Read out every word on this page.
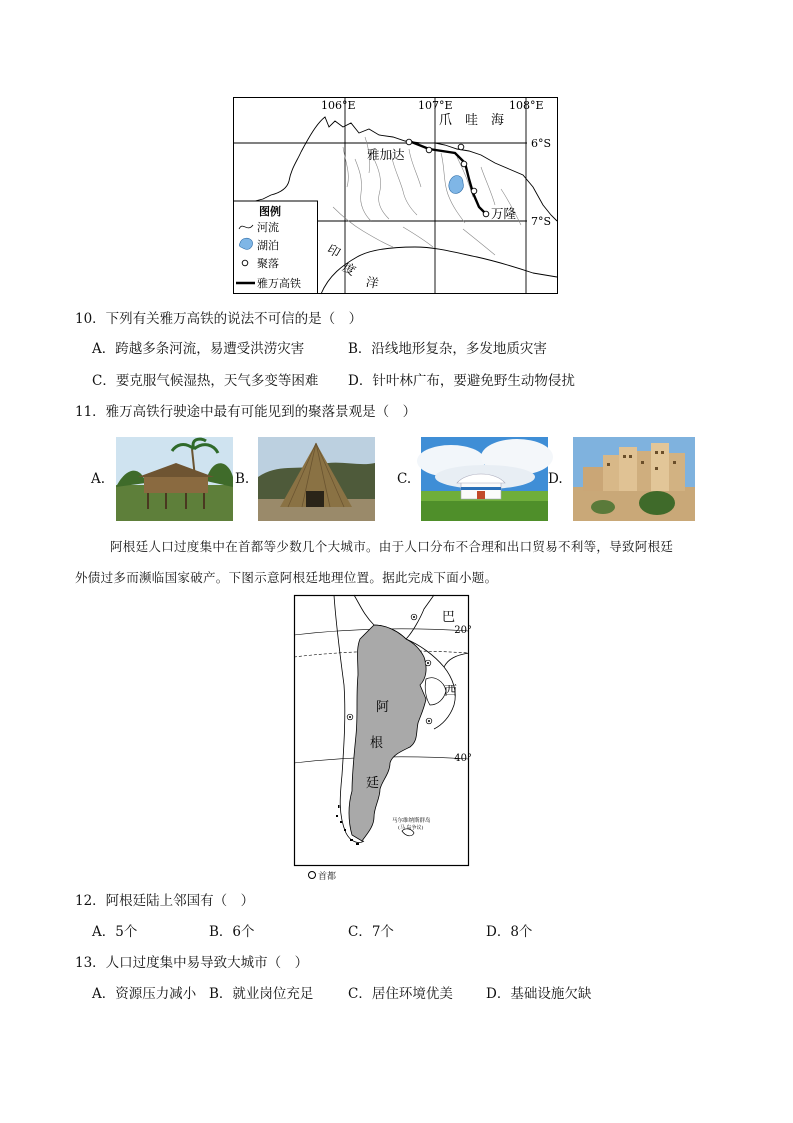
106°E	107°E	108°E
6°S
7°S
爪　哇　海
雅加达
万隆
印
度
洋
图例
河流
湖泊
聚落
雅万高铁
10．下列有关雅万高铁的说法不可信的是（　）
A．跨越多条河流，易遭受洪涝灾害	B．沿线地形复杂，多发地质灾害
C．要克服气候湿热，天气多变等困难 D．针叶林广布，要避免野生动物侵扰
11．雅万高铁行驶途中最有可能见到的聚落景观是（　）
A.	B.	C.	D.
阿根廷人口过度集中在首都等少数几个大城市。由于人口分布不合理和出口贸易不利等，导致阿根廷
外债过多而濒临国家破产。下图示意阿根廷地理位置。据此完成下面小题。
20°
40°
巴
西
阿
根
廷
马尔维纳斯群岛
(马 岛争议)
首都
12．阿根廷陆上邻国有（　）
A．5个	B．6个	C．7个	D．8个
13．人口过度集中易导致大城市（　）
A．资源压力减小 B．就业岗位充足	C．居住环境优美 D．基础设施欠缺
